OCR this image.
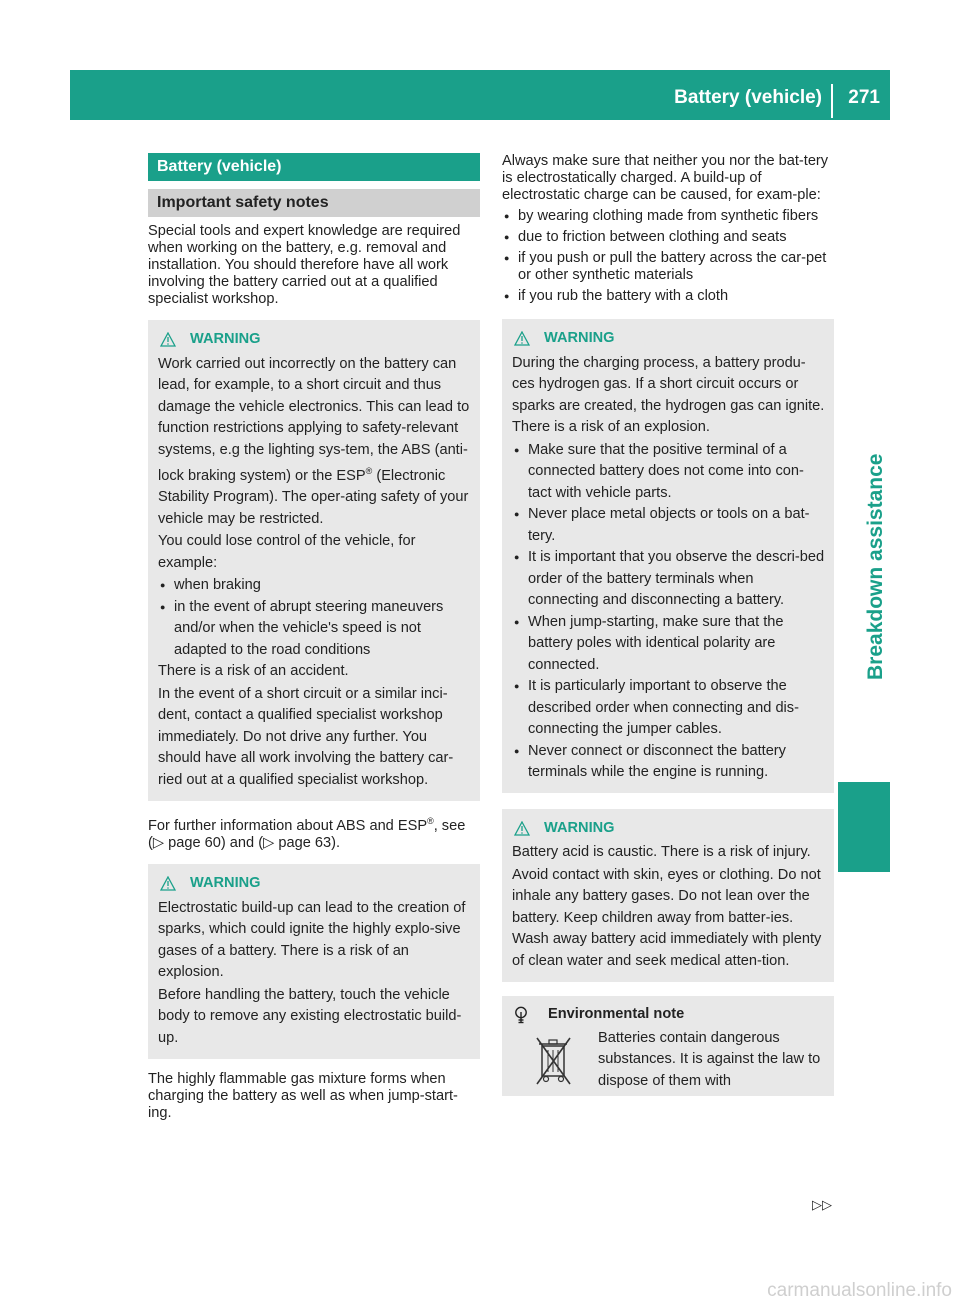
Battery (vehicle) 271
Breakdown assistance
Battery (vehicle)
Important safety notes

Special tools and expert knowledge are required when working on the battery, e.g. removal and installation. You should therefore have all work involving the battery carried out at a qualified specialist workshop.

WARNING

Work carried out incorrectly on the battery can lead, for example, to a short circuit and thus damage the vehicle electronics. This can lead to function restrictions applying to safety-relevant systems, e.g the lighting sys-tem, the ABS (anti-lock braking system) or the ESP® (Electronic Stability Program). The oper-ating safety of your vehicle may be restricted.

You could lose control of the vehicle, for example:

● when braking
● in the event of abrupt steering maneuvers and/or when the vehicle's speed is not adapted to the road conditions

There is a risk of an accident.

In the event of a short circuit or a similar inci-dent, contact a qualified specialist workshop immediately. Do not drive any further. You should have all work involving the battery car-ried out at a qualified specialist workshop.

For further information about ABS and ESP®, see (▷ page 60) and (▷ page 63).

WARNING

Electrostatic build-up can lead to the creation of sparks, which could ignite the highly explo-sive gases of a battery. There is a risk of an explosion.

Before handling the battery, touch the vehicle body to remove any existing electrostatic build-up.

The highly flammable gas mixture forms when charging the battery as well as when jump-start-ing.

Always make sure that neither you nor the bat-tery is electrostatically charged. A build-up of electrostatic charge can be caused, for exam-ple:

● by wearing clothing made from synthetic fibers
● due to friction between clothing and seats
● if you push or pull the battery across the car-pet or other synthetic materials
● if you rub the battery with a cloth
WARNING

During the charging process, a battery produ-ces hydrogen gas. If a short circuit occurs or sparks are created, the hydrogen gas can ignite. There is a risk of an explosion.

● Make sure that the positive terminal of a connected battery does not come into con-tact with vehicle parts.
● Never place metal objects or tools on a bat-tery.
● It is important that you observe the descri-bed order of the battery terminals when connecting and disconnecting a battery.
● When jump-starting, make sure that the battery poles with identical polarity are connected.
● It is particularly important to observe the described order when connecting and dis-connecting the jumper cables.
● Never connect or disconnect the battery terminals while the engine is running.
WARNING

Battery acid is caustic. There is a risk of injury.

Avoid contact with skin, eyes or clothing. Do not inhale any battery gases. Do not lean over the battery. Keep children away from batter-ies. Wash away battery acid immediately with plenty of clean water and seek medical atten-tion.

Environmental note

Batteries contain dangerous substances. It is against the law to dispose of them with

▷▷
carmanualsonline.info
